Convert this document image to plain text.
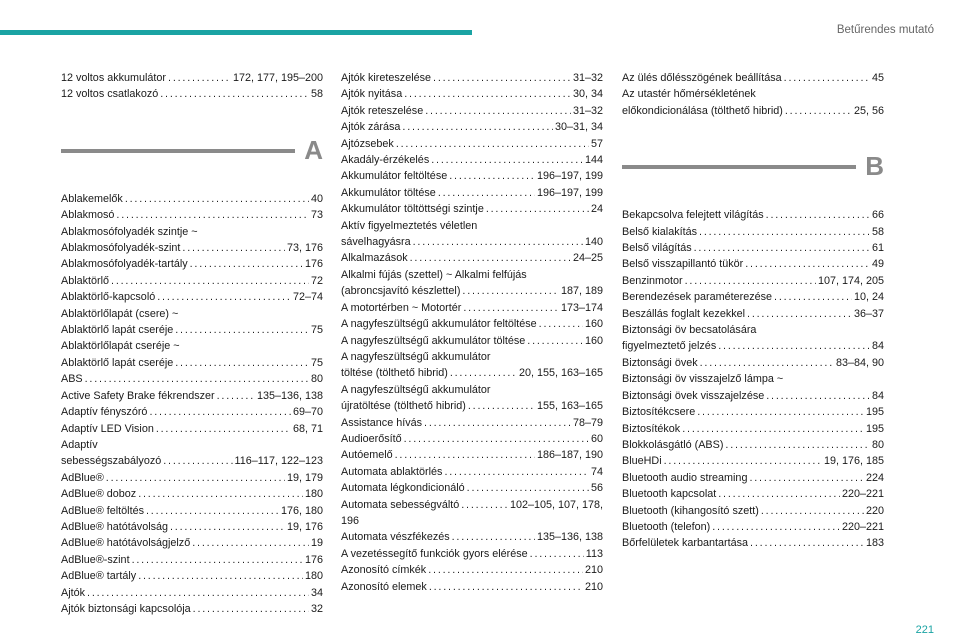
Betűrendes mutató
12 voltos akkumulátor . . .	172, 177, 195–200
12 voltos csatlakozó . . .	58
A
Ablakemelők . . .	40
Ablakmosó . . .	73
Ablakmosófolyadék szintje ~
Ablakmosófolyadék-szint . . .	73, 176
Ablakmosófolyadék-tartály . . .	176
Ablaktörlő . . .	72
Ablaktörlő-kapcsoló . . .	72–74
Ablaktörlőlapát (csere) ~
Ablaktörlő lapát cseréje . . .	75
Ablaktörlőlapát cseréje ~
Ablaktörlő lapát cseréje . . .	75
ABS . . .	80
Active Safety Brake fékrendszer . . .	135–136, 138
Adaptív fényszóró . . .	69–70
Adaptív LED Vision . . .	68, 71
Adaptív
sebességszabályozó . . .	116–117, 122–123
AdBlue® . . .	19, 179
AdBlue® doboz . . .	180
AdBlue® feltöltés . . .	176, 180
AdBlue® hatótávolság . . .	19, 176
AdBlue® hatótávolságjelző . . .	19
AdBlue®-szint . . .	176
AdBlue® tartály . . .	180
Ajtók . . .	34
Ajtók biztonsági kapcsolója . . .	32
Ajtók kireteszelése . . .	31–32
Ajtók nyitása . . .	30, 34
Ajtók reteszelése . . .	31–32
Ajtók zárása . . .	30–31, 34
Ajtózsebek . . .	57
Akadály-érzékelés . . .	144
Akkumulátor feltöltése . . .	196–197, 199
Akkumulátor töltése . . .	196–197, 199
Akkumulátor töltöttségi szintje . . .	24
Aktív figyelmeztetés véletlen
sávelhagyásra . . .	140
Alkalmazások . . .	24–25
Alkalmi fújás (szettel) ~ Alkalmi felfújás
(abroncsjavító készlettel) . . .	187, 189
A motortérben ~ Motortér . . .	173–174
A nagyfeszültségű akkumulátor feltöltése . . .	160
A nagyfeszültségű akkumulátor töltése . . .	160
A nagyfeszültségű akkumulátor
töltése (tölthető hibrid) . . .	20, 155, 163–165
A nagyfeszültségű akkumulátor
újratöltése (tölthető hibrid) . . .	155, 163–165
Assistance hívás . . .	78–79
Audioerősítő . . .	60
Autóemelő . . .	186–187, 190
Automata ablaktörlés . . .	74
Automata légkondicionáló . . .	56
Automata sebességváltó . . .	102–105, 107, 178,
196
Automata vészfékezés . . .	135–136, 138
A vezetéssegítő funkciók gyors elérése . . .	113
Azonosító címkék . . .	210
Azonosító elemek . . .	210
Az ülés dőlésszögének beállítása . . .	45
Az utastér hőmérsékletének
előkondicionálása (tölthető hibrid) . . .	25, 56
B
Bekapcsolva felejtett világítás . . .	66
Belső kialakítás . . .	58
Belső világítás . . .	61
Belső visszapillantó tükör . . .	49
Benzinmotor . . .	107, 174, 205
Berendezések paraméterezése . . .	10, 24
Beszállás foglalt kezekkel . . .	36–37
Biztonsági öv becsatolására
figyelmeztető jelzés . . .	84
Biztonsági övek . . .	83–84, 90
Biztonsági öv visszajelző lámpa ~
Biztonsági övek visszajelzése . . .	84
Biztosítékcsere . . .	195
Biztosítékok . . .	195
Blokkolásgátló (ABS) . . .	80
BlueHDi . . .	19, 176, 185
Bluetooth audio streaming . . .	224
Bluetooth kapcsolat . . .	220–221
Bluetooth (kihangosító szett) . . .	220
Bluetooth (telefon) . . .	220–221
Bőrfelületek karbantartása . . .	183
221
